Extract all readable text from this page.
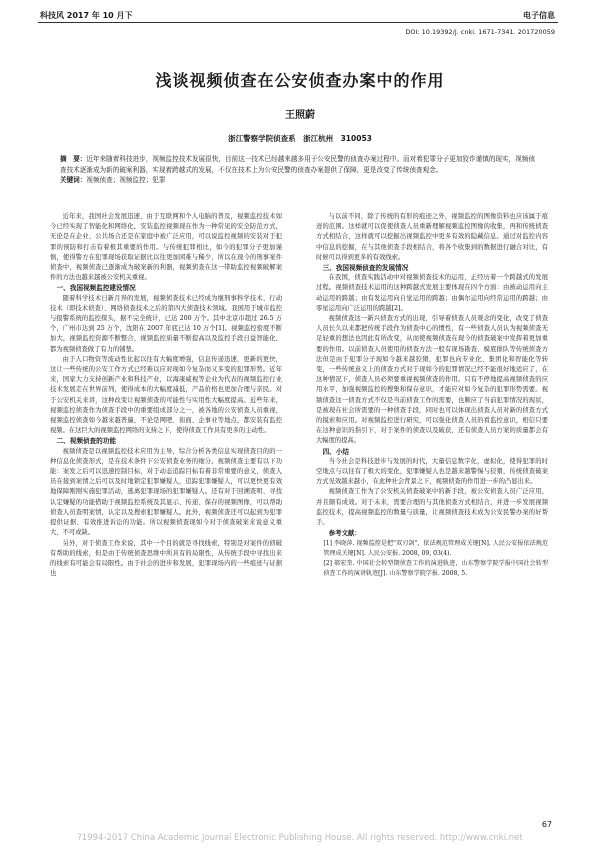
科技风 2017 年 10 月下	电子信息
DOI: 10.19392/j. cnki. 1671-7341. 201720059
浅谈视频侦查在公安侦查办案中的作用
王照蔚
浙江警察学院侦查系　浙江杭州　310053
摘　要：近年来随着科技进步，视频监控技术发展很快，目前这一技术已经越来越多用于公安民警的侦查办案过程中。而对着犯罪分子更加狡诈谨慎的现实，视频侦查技术逐渐成为新的破案利器，实现着跨越式的发展，不仅在技术上为公安民警的侦查办案提供了保障，更是改变了传统侦查观念。
关键词：视频侦查；视频监控；犯罪

近年来，我国社会发展迅速，由于互联网和个人电脑的普及，视频监控技术如今已经实现了智能化和网络化，安装监控视频现在作为一种常见的安全防范方式，无论是在企业、公共场合还是在家庭中被广泛应用，可以说监控视频的安装对于犯罪的预防和打击有着极其重要的作用。与传统犯罪相比，如今的犯罪分子更加谨慎，使得警方在犯罪现场获取证据比以往更加困难与稀少，所以在现今的刑事案件侦查中，视频侦查已逐渐成为破案新的利器，视频侦查在这一带助监控视频破解案件的方法也越来越被公安机关重视。

一、我国视频监控建设情况

随着科学技术日新月异的发展，视频侦查技术已经成为继刑事科学技术、行动技术（即技术侦查）、网络侦查技术之后的第四大侦查技术领域。我国用于城市监控与报警系统的监控探头，据不完全统计，已达 200 万个。其中北京市超过 26.5 万个，广州市达到 25 万个，沈阳在 2007 年底已达 10 万个[1]。视频监控密度不断加大，视频监控资源不断整合，视频监控质量不断提高以及监控手段日益智能化，都为视频侦查做了有力的铺垫。

由于人口物资等流动性比起以往有大幅度增强，信息传递迅速，更新的更快，这让一些传统的公安工作方式已经难以应对现如今复杂而又多变的犯罪形势。近年来，国家大力支持创新产业和科技产业，以海康威视等企业为代表的视频监控行业技术发展走在世界前列，使得成本的大幅度减低，产品价格也更加合理与亲民。对于公安机关来讲，这种改变让视频侦查的可能性与实用性大幅度提高。近些年来，视频监控侦查作为侦查手段中的重要组成部分之一，被各地的公安侦查人员重视，视频监控侦查如今越来越普遍，不论是网吧、街面、企事业等地点，都安装有监控视频。在这巨大的视频监控网络的支持之下，使得侦查工作具有更多的主动性。

二、视频侦查的功能

视频侦查是以视频监控技术应用为主导，综合分析各类信息实现侦查目的的一种信息化侦查形式，是在技术条件下公安侦查业务的细分。视频侦查主要有以下功能：案发之后可以迅速控制目标，对于动态追踪目标有着非常重要的意义，侦查人员在接到案情之后可以及时地锁定犯罪嫌疑人，追踪犯罪嫌疑人，可以更快更有效地保障刚刚实施犯罪活动，逃离犯罪现场的犯罪嫌疑人。还有对于回溯查明、寻找认定嫌疑的功能借助于视频监控系统及其显示、传递、保存的视频图像，可以帮助侦查人员查明案情，认定以及搜索犯罪嫌疑人。此外，视频侦查还可以起到为犯罪提供证据、有效推进诉讼的功能。所以视频侦查现如今对于侦查破案来说意义重大，不可或缺。

另外，对于侦查工作来说，其中一个目的就是寻找线索，特别是对案件的侦破有帮助的线索，但是由于传统侦查思维中所具有的局限性，从传统手段中寻找出来的线索有可能会有局限性。由于社会的进步和发展，犯罪现场内的一些痕迹与证据也

与以前不同，除了传统的有形的痕迹之外，视频监控的图像资料也应该属于痕迹的范围。这样就可以促使侦查人员重新理解视频监控图像的收集，再和传统侦查方式相结合，这样就可以挖掘出视频监控中更多有效的隐藏信息。通过对监控内容中信息的挖掘，在与其他侦查手段相结合，将各个收集到的数据进行融合对比，有时候可以得到更多的有效线索。

三、我国视频侦查的发展情况

在我国，侦查实践活动中对视频侦查技术的运用，正经历着一个跨越式的发展过程。视频侦查技术运用的这种跨越式发展主要体现在四个方面：由被动运用向主动运用的跨越；由有发运用向自觉运用的跨越；由偶尔运用向经常运用的跨越；由零星运用向广泛运用的跨越[2]。

视频侦查这一新兴侦查方式的出现，引导着侦查人员观念的变化，改变了侦查人员长久以来都把传统手段作为侦查中心的惯性，有一些侦查人员认为视频侦查无足轻重的想法也因此有所改变，从而使视频侦查在现今的侦查破案中发挥着更加重要的作用。以前侦查人员使用的侦查方法一般有现场勘查、模底排队等传统侦查方法但是由于犯罪分子现如今越来越狡猾，犯罪也向专业化、集团化和智能化等转变，一些传统意义上的侦查方式对于现如今的犯罪情况已经不能很好地适应了，在这种情况下，侦查人员必须要重视视频侦查的作用。只有不停地提高视频侦查的应用水平，加强视频监控的搜集和保存意识，才能应对如今复杂的犯罪形势需要。视频侦查这一侦查方式不仅是当前侦查工作的需要，也顺应了当前犯罪情况的现状，是被现在社会所需要的一种侦查手段，同时也可以体现出侦查人员对新的侦查方式的摸索和应用。对视频监控进行研究，可以强化侦查人员的看监控意识，相信只要在这种意识的指引下，对于案件的侦查以及破获，还有侦查人员方案的质量都会有大幅度的提高。

四、小结

当今社会是科技进步与发展的时代，大量信息数字化，虚拟化，使得犯罪的时空地点与以往有了极大的变化，犯罪嫌疑人也是越来越警惕与狡猾，传统侦查破案方式见效越来越小，在此种社会背景之下，视频侦查的作用进一步的凸显出来。

视频侦查工作为了公安机关侦查破案中的新手段，被公安侦查人员广泛应用，并且颇有成效。对于未来，需要合理的与其他侦查方式相结合，并进一步发展视频监控技术，提高视频监控的数量与质量，让视频侦查技术成为公安民警办案的好帮手。

参考文献：

[1] 李晓萍. 视频监控是把"双刃剑"，依法规范管理成关键[N]. 人民公安报依法规范管理成关键[N]. 人民公安报. 2008, 09, 03(4).

[2] 郝宏奎. 中国社会转型期侦查工作的演进轨迹，山东警察学院学报中国社会转型侦查工作的演讲轨迹[J]. 山东警察学院学报. 2008, 5.

67
?1994-2017 China Academic Journal Electronic Publishing House. All rights reserved. http://www.cnki.net
